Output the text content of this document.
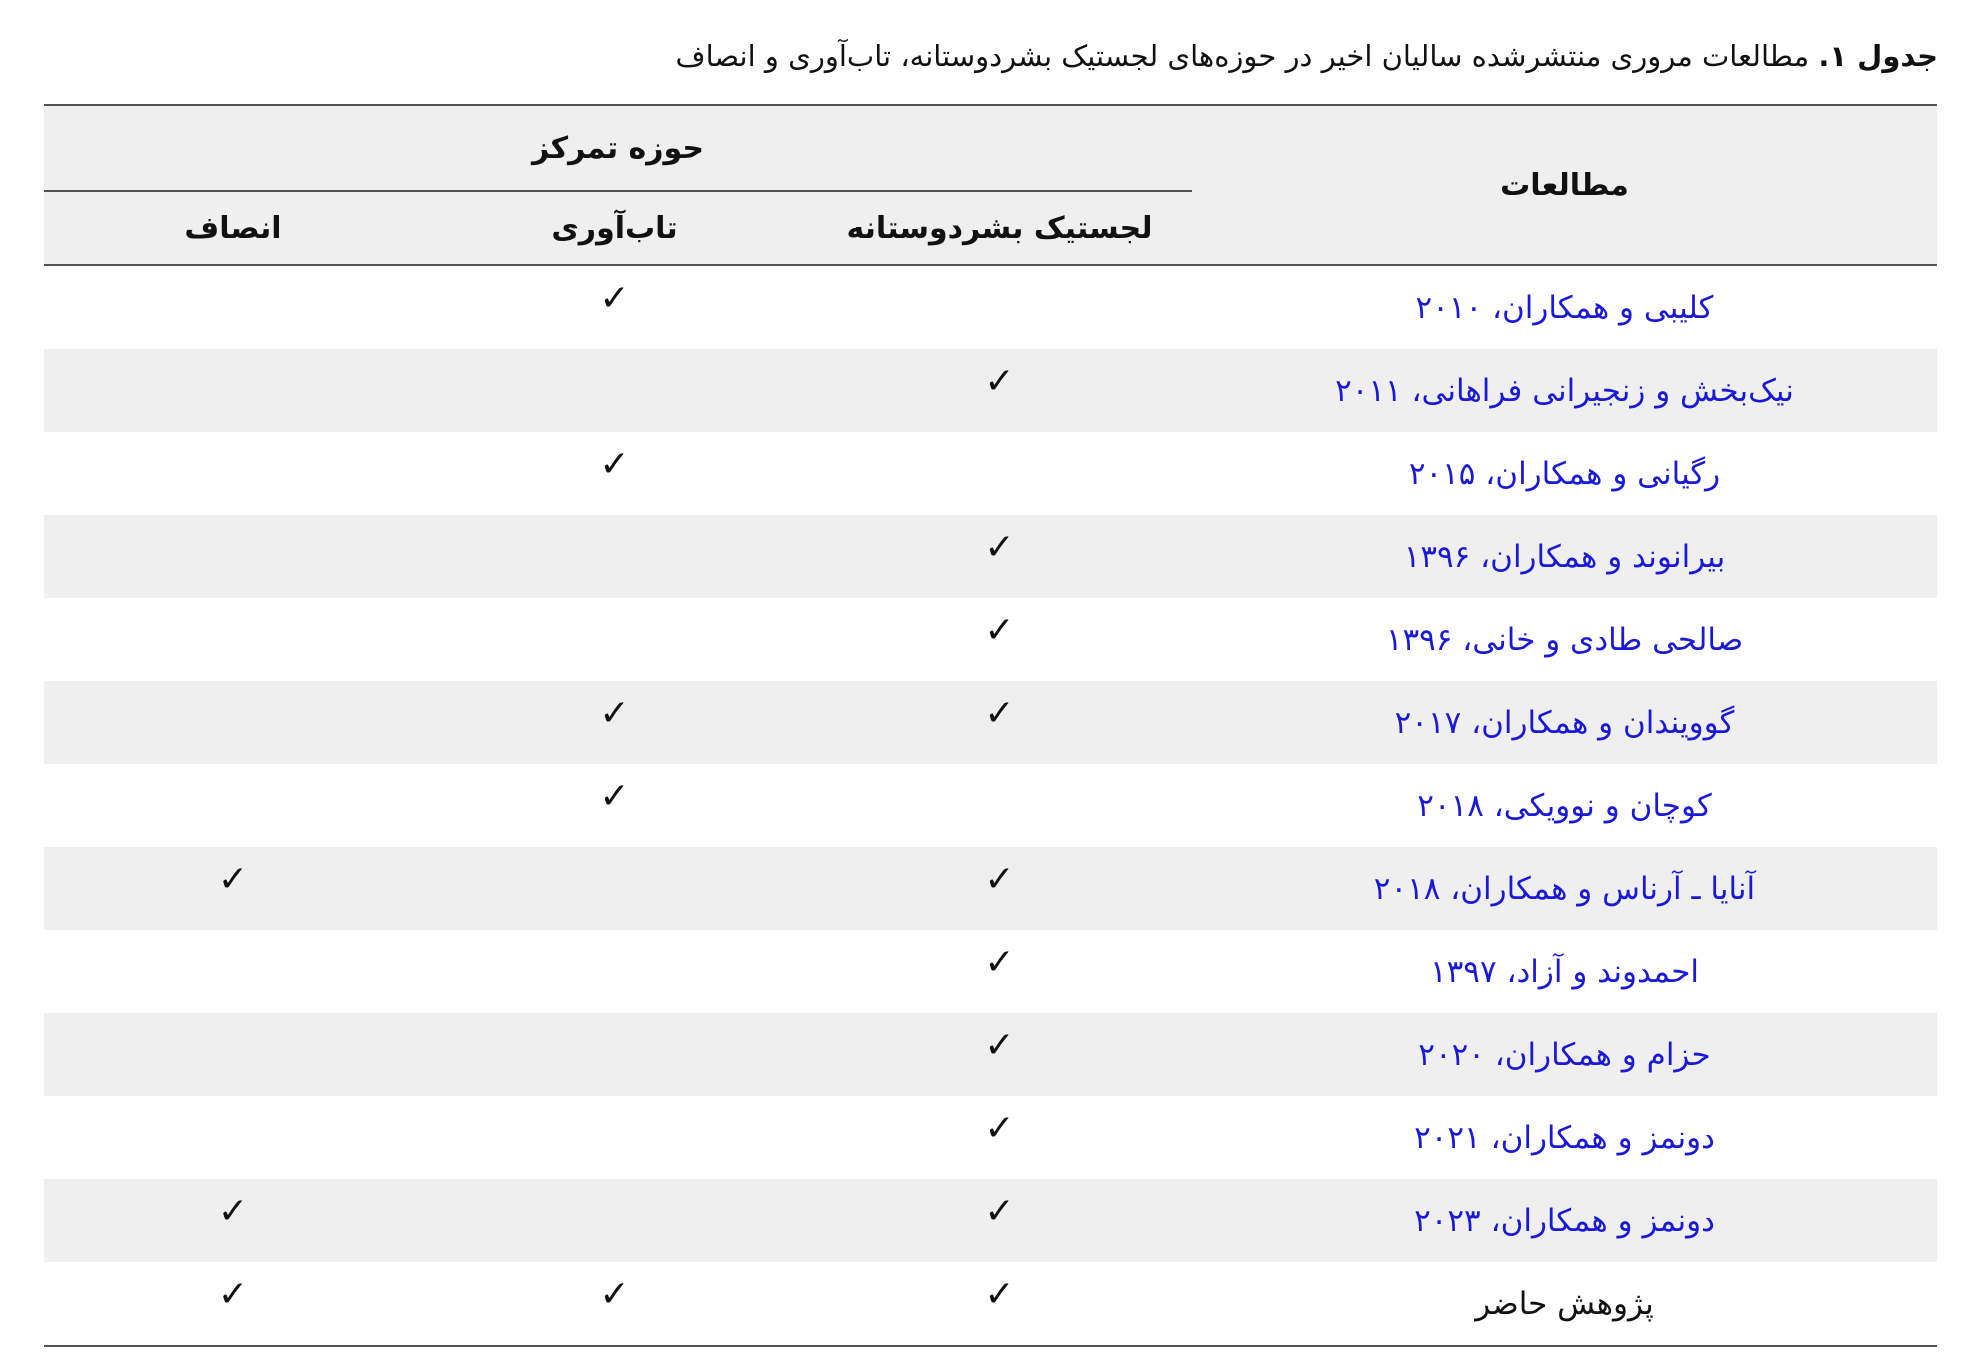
جدول ۱. مطالعات مروری منتشرشده سالیان اخیر در حوزه‌های لجستیک بشردوستانه، تاب‌آوری و انصاف
مطالعات	حوزه تمرکز		
	لجستیک بشردوستانه	تاب‌آوری	انصاف
کلیبی و همکاران، ۲۰۱۰		✓	
نیک‌بخش و زنجیرانی فراهانی، ۲۰۱۱	✓		
رگیانی و همکاران، ۲۰۱۵		✓	
بیرانوند و همکاران، ۱۳۹۶	✓		
صالحی طادی و خانی، ۱۳۹۶	✓		
گوویندان و همکاران، ۲۰۱۷	✓	✓	
کوچان و نوویکی، ۲۰۱۸		✓	
آنایا ـ آرناس و همکاران، ۲۰۱۸	✓		✓
احمدوند و آزاد، ۱۳۹۷	✓		
حزام و همکاران، ۲۰۲۰	✓		
دونمز و همکاران، ۲۰۲۱	✓		
دونمز و همکاران، ۲۰۲۳	✓		✓
پژوهش حاضر	✓	✓	✓
